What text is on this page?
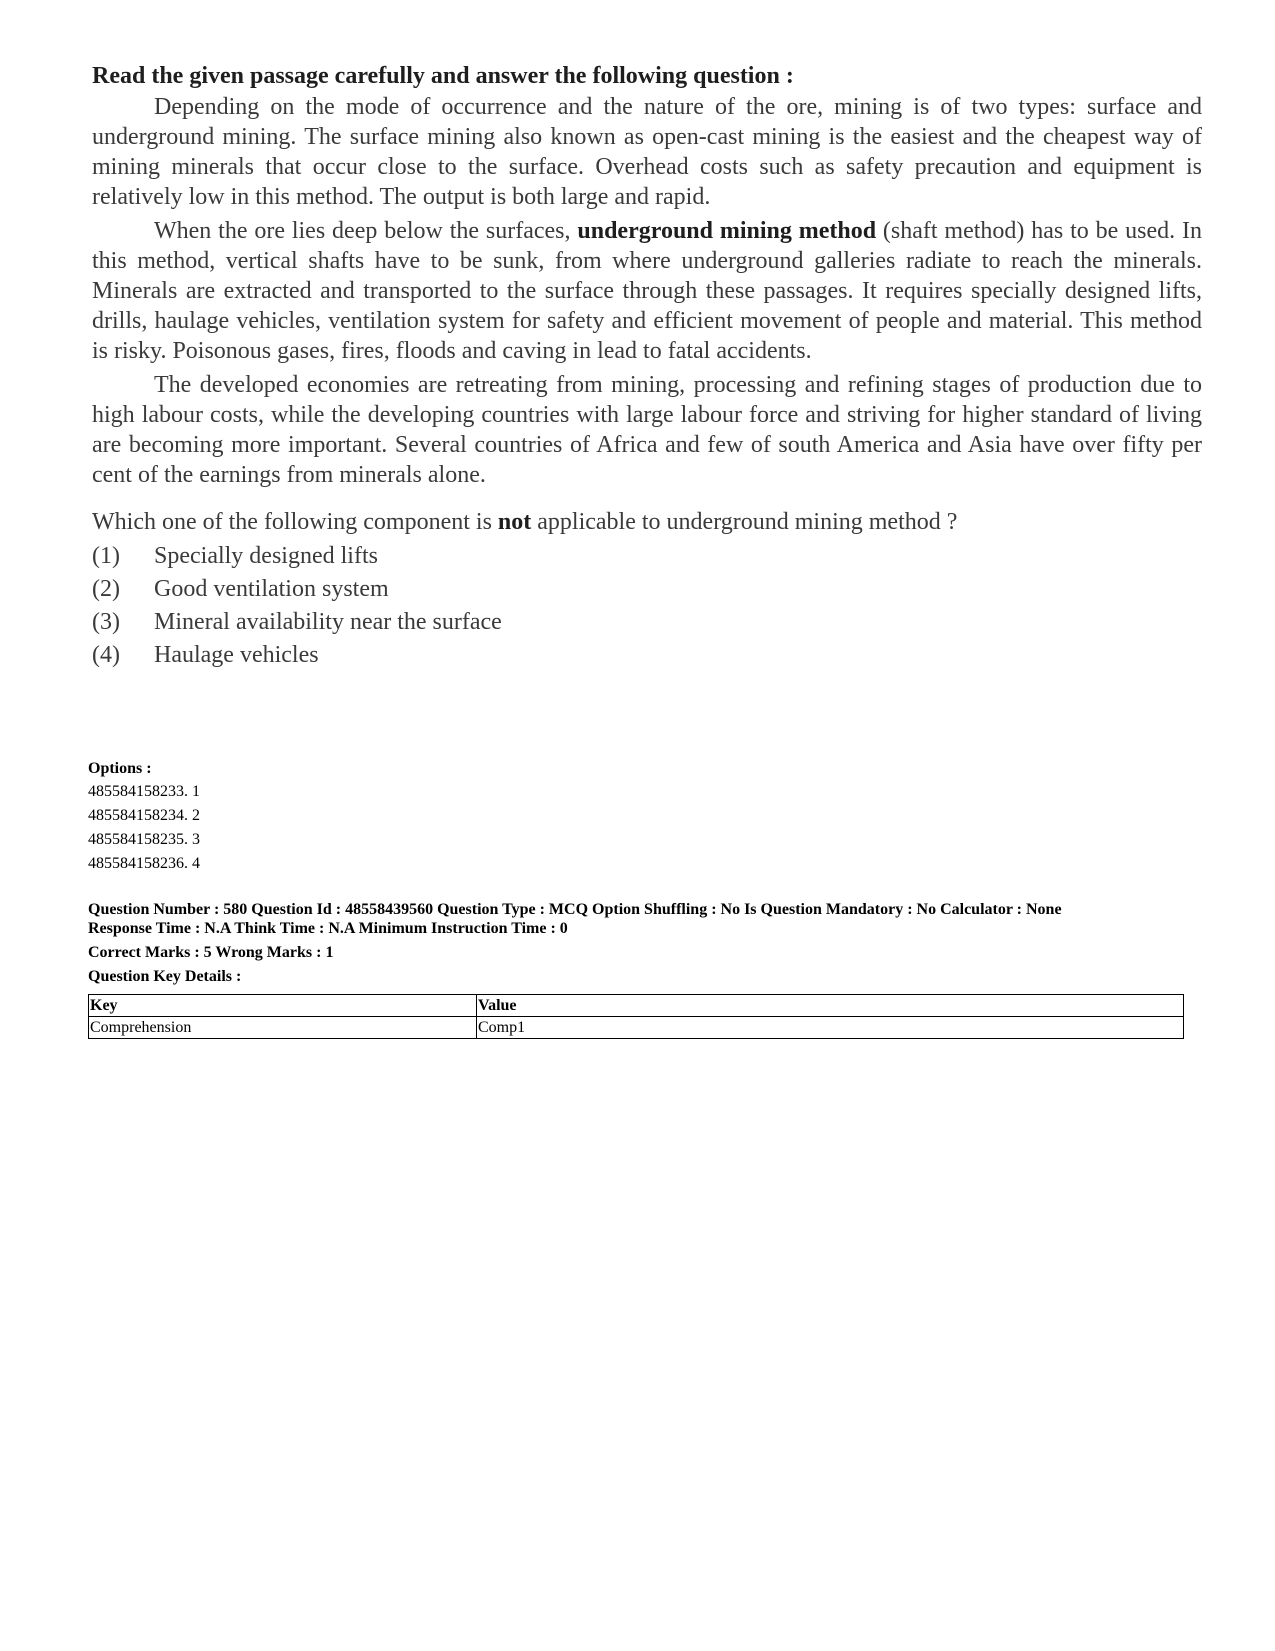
Read the given passage carefully and answer the following question :

Depending on the mode of occurrence and the nature of the ore, mining is of two types: surface and underground mining. The surface mining also known as open-cast mining is the easiest and the cheapest way of mining minerals that occur close to the surface. Overhead costs such as safety precaution and equipment is relatively low in this method. The output is both large and rapid.

When the ore lies deep below the surfaces, underground mining method (shaft method) has to be used. In this method, vertical shafts have to be sunk, from where underground galleries radiate to reach the minerals. Minerals are extracted and transported to the surface through these passages. It requires specially designed lifts, drills, haulage vehicles, ventilation system for safety and efficient movement of people and material. This method is risky. Poisonous gases, fires, floods and caving in lead to fatal accidents.

The developed economies are retreating from mining, processing and refining stages of production due to high labour costs, while the developing countries with large labour force and striving for higher standard of living are becoming more important. Several countries of Africa and few of south America and Asia have over fifty per cent of the earnings from minerals alone.

Which one of the following component is not applicable to underground mining method ?
(1)	Specially designed lifts
(2)	Good ventilation system
(3)	Mineral availability near the surface
(4)	Haulage vehicles
Options :
485584158233. 1
485584158234. 2
485584158235. 3
485584158236. 4
Question Number : 580 Question Id : 48558439560 Question Type : MCQ Option Shuffling : No Is Question Mandatory : No Calculator : None
Response Time : N.A Think Time : N.A Minimum Instruction Time : 0
Correct Marks : 5 Wrong Marks : 1
Question Key Details :
Key	Value
Comprehension	Comp1
